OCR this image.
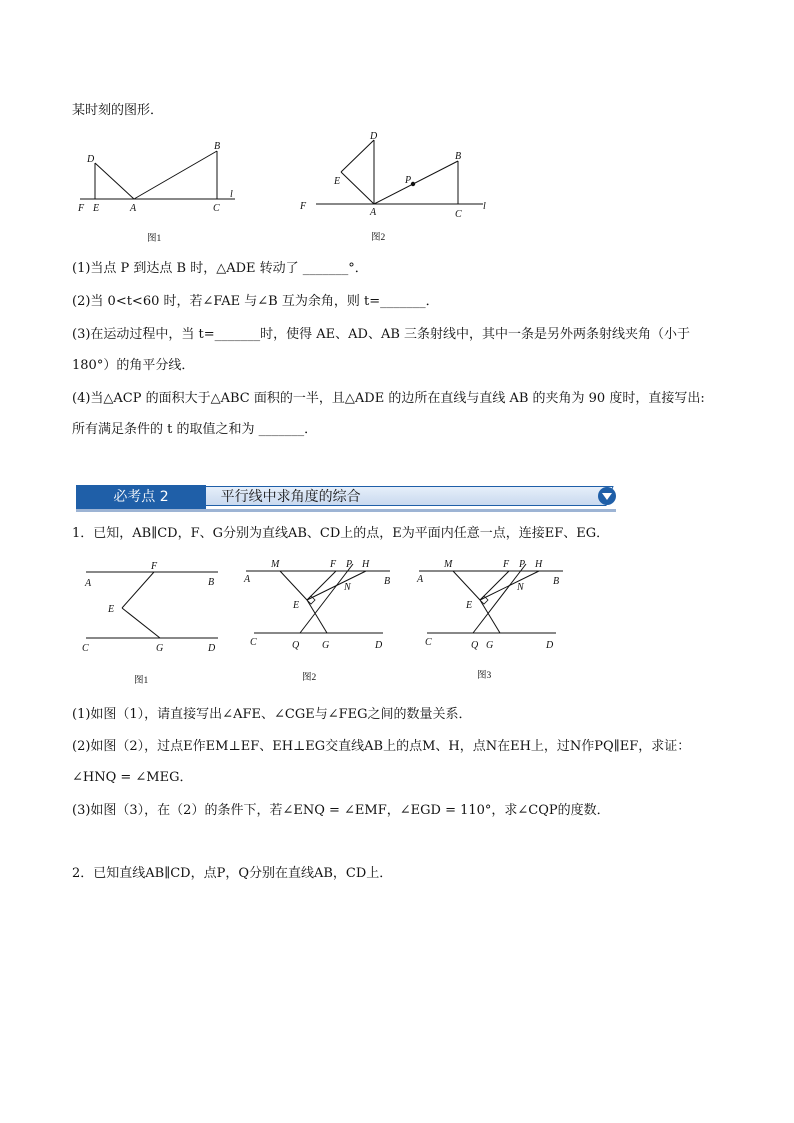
某时刻的图形．
D
B
F E	A	C
l
图1
D
E	P
B
F
A	C
l
图2
(1)当点 P 到达点 B 时，△ADE 转动了 _______°．
(2)当 0<t<60 时，若∠FAE 与∠B 互为余角，则 t=_______．
(3)在运动过程中，当 t=_______时，使得 AE、AD、AB 三条射线中，其中一条是另外两条射线夹角（小于
180°）的角平分线．
(4)当△ACP 的面积大于△ABC 面积的一半，且△ADE 的边所在直线与直线 AB 的夹角为 90 度时，直接写出:
所有满足条件的 t 的取值之和为 _______．
平行线中求角度的综合
必考点 2
1．已知，AB∥CD，F、G分别为直线AB、CD上的点，E为平面内任意一点，连接EF、EG．
A
F
B
E
C	G	D
图1
M	F P H
A	B
N
E
C	Q G	D
图2
M	F P H
A	B
N
E
C	Q G	D
图3
(1)如图（1），请直接写出∠AFE、∠CGE与∠FEG之间的数量关系．
(2)如图（2），过点E作EM⊥EF、EH⊥EG交直线AB上的点M、H，点N在EH上，过N作PQ∥EF，求证：
∠HNQ = ∠MEG．
(3)如图（3），在（2）的条件下，若∠ENQ = ∠EMF，∠EGD = 110°，求∠CQP的度数．
2．已知直线AB∥CD，点P，Q分别在直线AB，CD上．
